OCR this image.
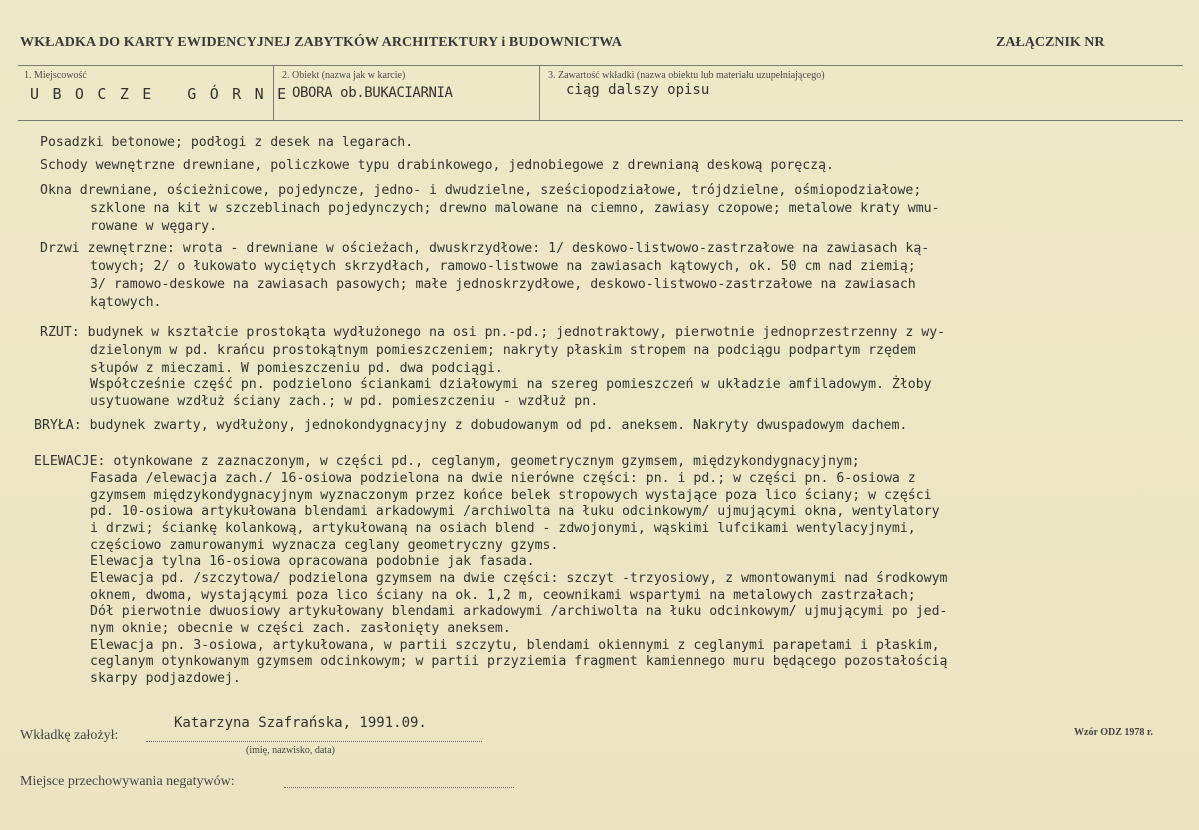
WKŁADKA DO KARTY EWIDENCYJNEJ ZABYTKÓW ARCHITEKTURY i BUDOWNICTWA	ZAŁĄCZNIK NR
1. Miejscowość
U B O C Z E   G Ó R N E
2. Obiekt (nazwa jak w karcie)
OBORA ob.BUKACIARNIA
3. Zawartość wkładki (nazwa obiektu lub materiału uzupełniającego)
ciąg dalszy opisu

Posadzki betonowe; podłogi z desek na legarach.

Schody wewnętrzne drewniane, policzkowe typu drabinkowego, jednobiegowe z drewnianą deskową poręczą.

Okna drewniane, ościeżnicowe, pojedyncze, jedno- i dwudzielne, sześciopodziałowe, trójdzielne, ośmiopodziałowe;

szklone na kit w szczeblinach pojedynczych; drewno malowane na ciemno, zawiasy czopowe; metalowe kraty wmu-

rowane w węgary.

Drzwi zewnętrzne: wrota - drewniane w ościeżach, dwuskrzydłowe: 1/ deskowo-listwowo-zastrzałowe na zawiasach ką-

towych; 2/ o łukowato wyciętych skrzydłach, ramowo-listwowe na zawiasach kątowych, ok. 50 cm nad ziemią;

3/ ramowo-deskowe na zawiasach pasowych; małe jednoskrzydłowe, deskowo-listwowo-zastrzałowe na zawiasach

kątowych.

RZUT: budynek w kształcie prostokąta wydłużonego na osi pn.-pd.; jednotraktowy, pierwotnie jednoprzestrzenny z wy-

dzielonym w pd. krańcu prostokątnym pomieszczeniem; nakryty płaskim stropem na podciągu podpartym rzędem

słupów z mieczami. W pomieszczeniu pd. dwa podciągi.

Współcześnie część pn. podzielono ściankami działowymi na szereg pomieszczeń w układzie amfiladowym. Żłoby

usytuowane wzdłuż ściany zach.; w pd. pomieszczeniu - wzdłuż pn.

BRYŁA: budynek zwarty, wydłużony, jednokondygnacyjny z dobudowanym od pd. aneksem. Nakryty dwuspadowym dachem.

ELEWACJE: otynkowane z zaznaczonym, w części pd., ceglanym, geometrycznym gzymsem, międzykondygnacyjnym;

Fasada /elewacja zach./ 16-osiowa podzielona na dwie nierówne części: pn. i pd.; w części pn. 6-osiowa z

gzymsem międzykondygnacyjnym wyznaczonym przez końce belek stropowych wystające poza lico ściany; w części

pd. 10-osiowa artykułowana blendami arkadowymi /archiwolta na łuku odcinkowym/ ujmującymi okna, wentylatory

i drzwi; ściankę kolankową, artykułowaną na osiach blend - zdwojonymi, wąskimi lufcikami wentylacyjnymi,

częściowo zamurowanymi wyznacza ceglany geometryczny gzyms.

Elewacja tylna 16-osiowa opracowana podobnie jak fasada.

Elewacja pd. /szczytowa/ podzielona gzymsem na dwie części: szczyt -trzyosiowy, z wmontowanymi nad środkowym

oknem, dwoma, wystającymi poza lico ściany na ok. 1,2 m, ceownikami wspartymi na metalowych zastrzałach;

Dół pierwotnie dwuosiowy artykułowany blendami arkadowymi /archiwolta na łuku odcinkowym/ ujmującymi po jed-

nym oknie; obecnie w części zach. zasłonięty aneksem.

Elewacja pn. 3-osiowa, artykułowana, w partii szczytu, blendami okiennymi z ceglanymi parapetami i płaskim,

ceglanym otynkowanym gzymsem odcinkowym; w partii przyziemia fragment kamiennego muru będącego pozostałością

skarpy podjazdowej.

Wkładkę założył:
Katarzyna Szafrańska, 1991.09.
(imię, nazwisko, data)
Wzór ODZ 1978 r.
Miejsce przechowywania negatywów:
